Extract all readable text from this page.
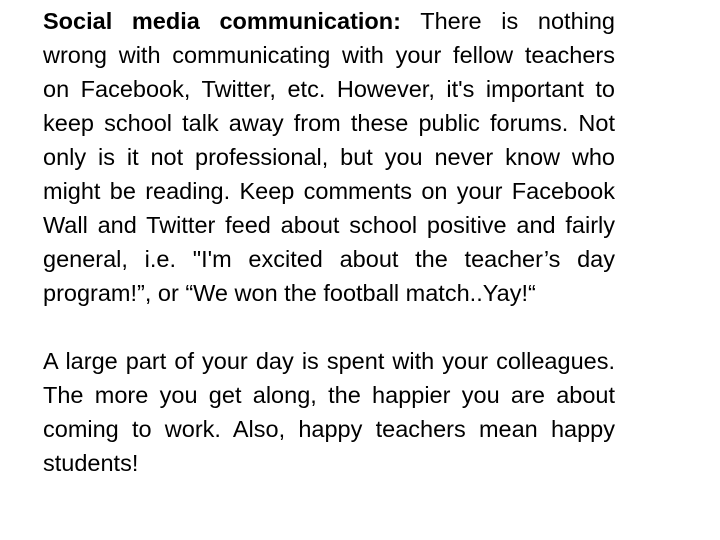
Social media communication: There is nothing wrong with communicating with your fellow teachers on Facebook, Twitter, etc. However, it's important to keep school talk away from these public forums. Not only is it not professional, but you never know who might be reading. Keep comments on your Facebook Wall and Twitter feed about school positive and fairly general, i.e. "I'm excited about the teacher’s day program!”, or “We won the football match..Yay!“

A large part of your day is spent with your colleagues. The more you get along, the happier you are about coming to work. Also, happy teachers mean happy students!
